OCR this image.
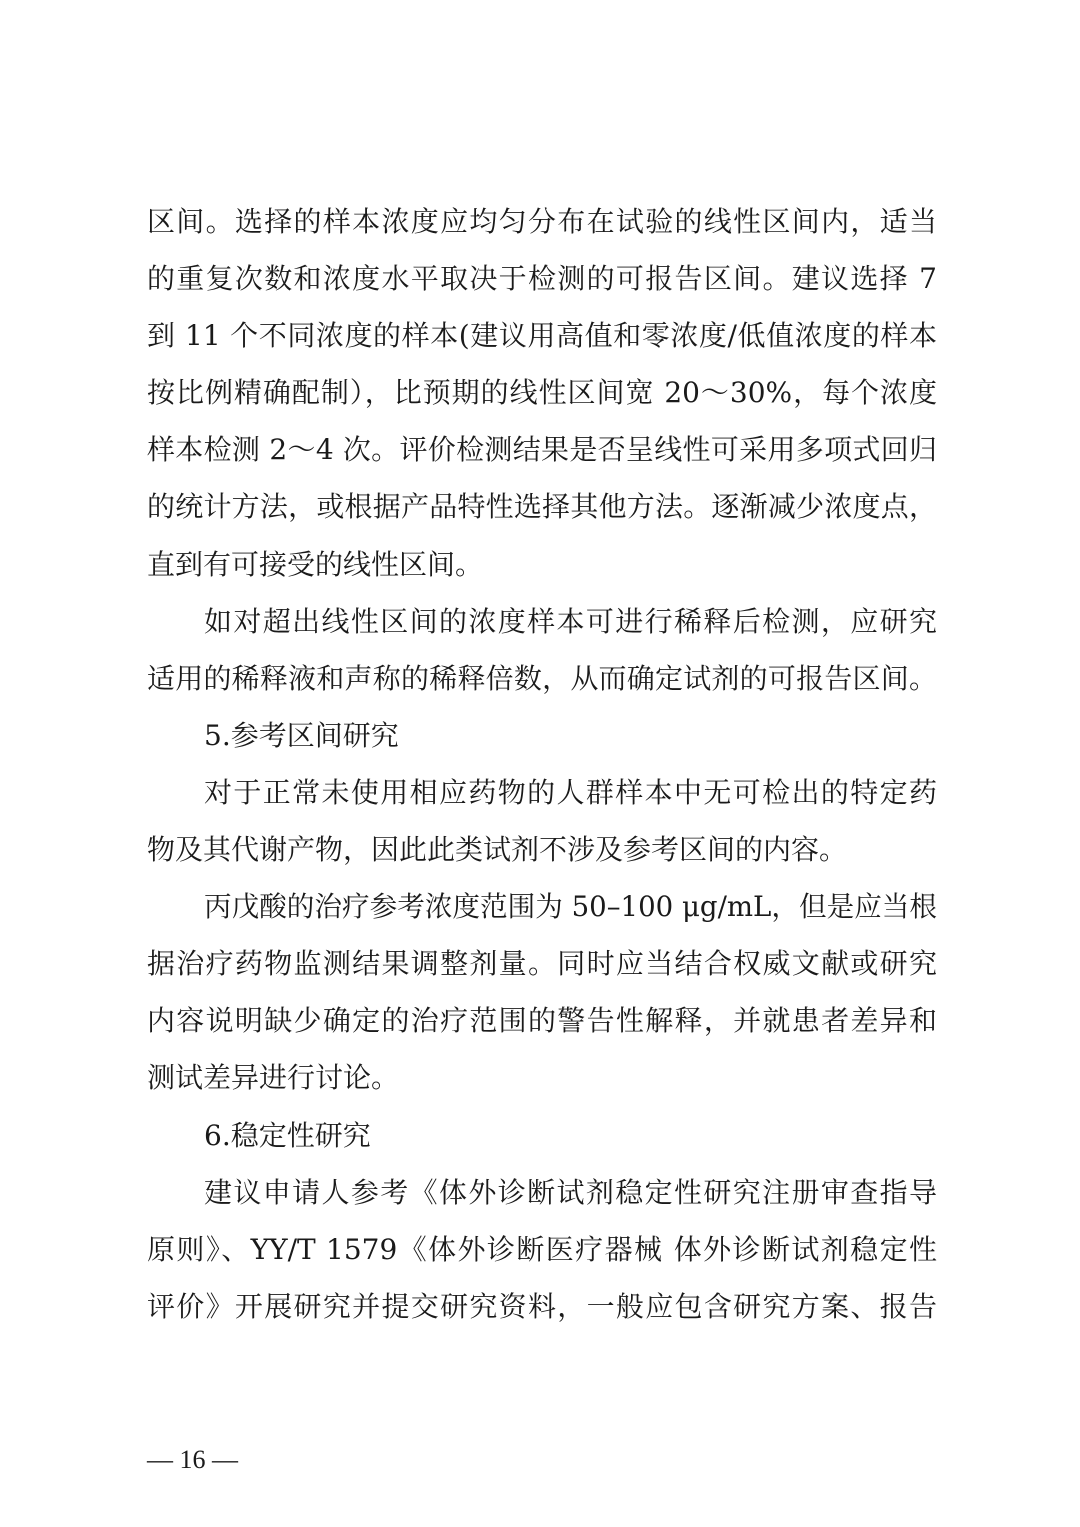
区间。选择的样本浓度应均匀分布在试验的线性区间内，适当
的重复次数和浓度水平取决于检测的可报告区间。建议选择 7
到 11 个不同浓度的样本(建议用高值和零浓度/低值浓度的样本
按比例精确配制），比预期的线性区间宽 20～30%，每个浓度
样本检测 2～4 次。评价检测结果是否呈线性可采用多项式回归
的统计方法，或根据产品特性选择其他方法。逐渐减少浓度点，
直到有可接受的线性区间。
如对超出线性区间的浓度样本可进行稀释后检测，应研究
适用的稀释液和声称的稀释倍数，从而确定试剂的可报告区间。
5.参考区间研究
对于正常未使用相应药物的人群样本中无可检出的特定药
物及其代谢产物，因此此类试剂不涉及参考区间的内容。
丙戊酸的治疗参考浓度范围为 50–100 μg/mL，但是应当根
据治疗药物监测结果调整剂量。同时应当结合权威文献或研究
内容说明缺少确定的治疗范围的警告性解释，并就患者差异和
测试差异进行讨论。
6.稳定性研究
建议申请人参考《体外诊断试剂稳定性研究注册审查指导
原则》、YY/T 1579《体外诊断医疗器械 体外诊断试剂稳定性
评价》开展研究并提交研究资料，一般应包含研究方案、报告
— 16 —
